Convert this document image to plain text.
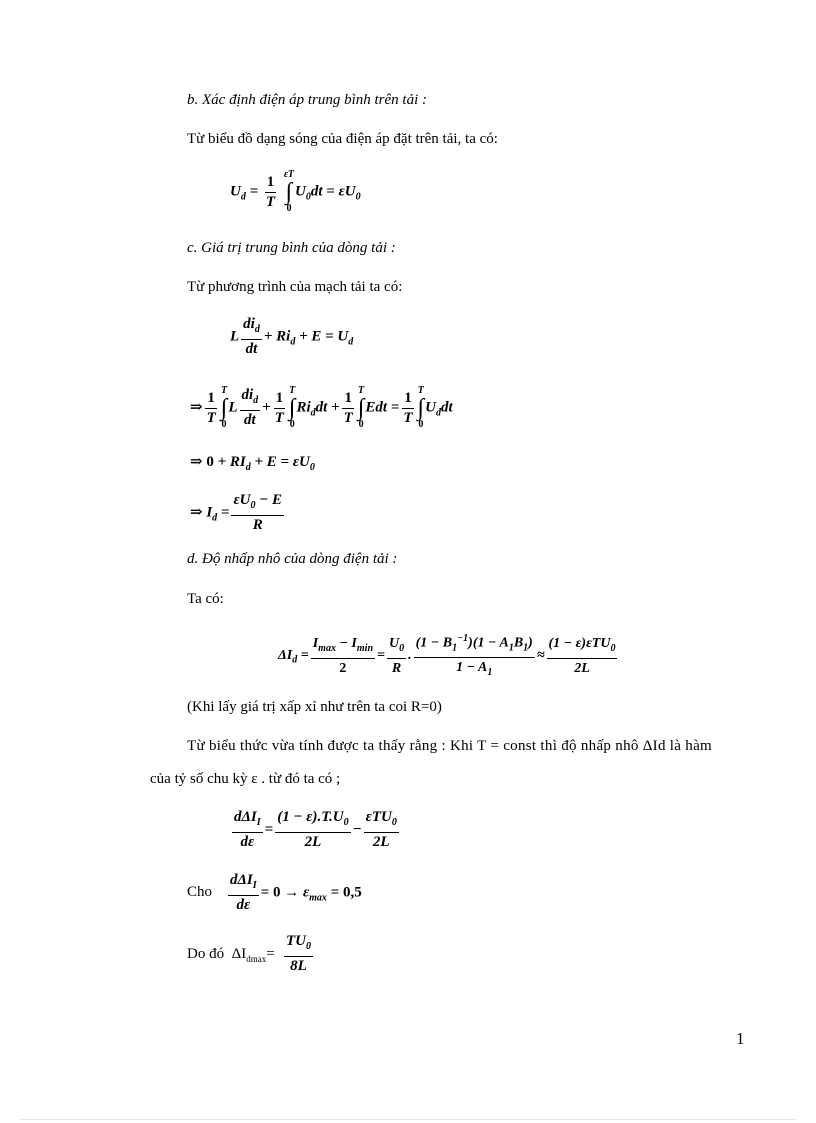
b. Xác định điện áp trung bình trên tải :
Từ biểu đồ dạng sóng của điện áp đặt trên tải, ta có:
$U_d = \frac{1}{T}$
εT
∫
0
$U_0dt = \varepsilon U_0$
c. Giá trị trung bình của dòng tải :
Từ phương trình của mạch tải ta có:
L $\frac{di_d}{dt} + Ri_d + E = U_d$
⇒ $\frac{1}{T}$ T
∫
0
L $\frac{di_d}{dt} + \frac{1}{T}$ T
∫
0
$Ri_ddt + \frac{1}{T}$ T
∫
0
Edt = $\frac{1}{T}$ T
∫
0
$U_ddt$
⇒ $0 + RI_d + E = \varepsilon U_0$
⇒ $I_d = \frac{\varepsilon U_0 - E}{R}$
d. Độ nhấp nhô của dòng điện tải :
Ta có:
$\Delta I_d = \frac{I_{max} - I_{min}}{2} = \frac{U_0}{R}$ . $\frac{(1 - B_1^{-1})(1 - A_1B_1)}{1 - A_1} \approx \frac{(1 - \varepsilon)\varepsilon TU_0}{2L}$
(Khi lấy giá trị xấp xỉ như trên ta coi R=0)
Từ biểu thức vừa tính được ta thấy rằng : Khi T = const thì độ nhấp nhô ΔId là hàm
của tỷ số chu kỳ ε . từ đó ta có ;
$\frac{d\Delta I_I}{d\varepsilon} = \frac{(1 - \varepsilon).T.U_0}{2L} - \frac{\varepsilon TU_0}{2L}$
Cho $\frac{d\Delta I_I}{d\varepsilon} = 0 \to \varepsilon_{max} = 0,5$
Do đó  $\Delta I_{dmax}= \frac{TU_0}{8L}$
1
